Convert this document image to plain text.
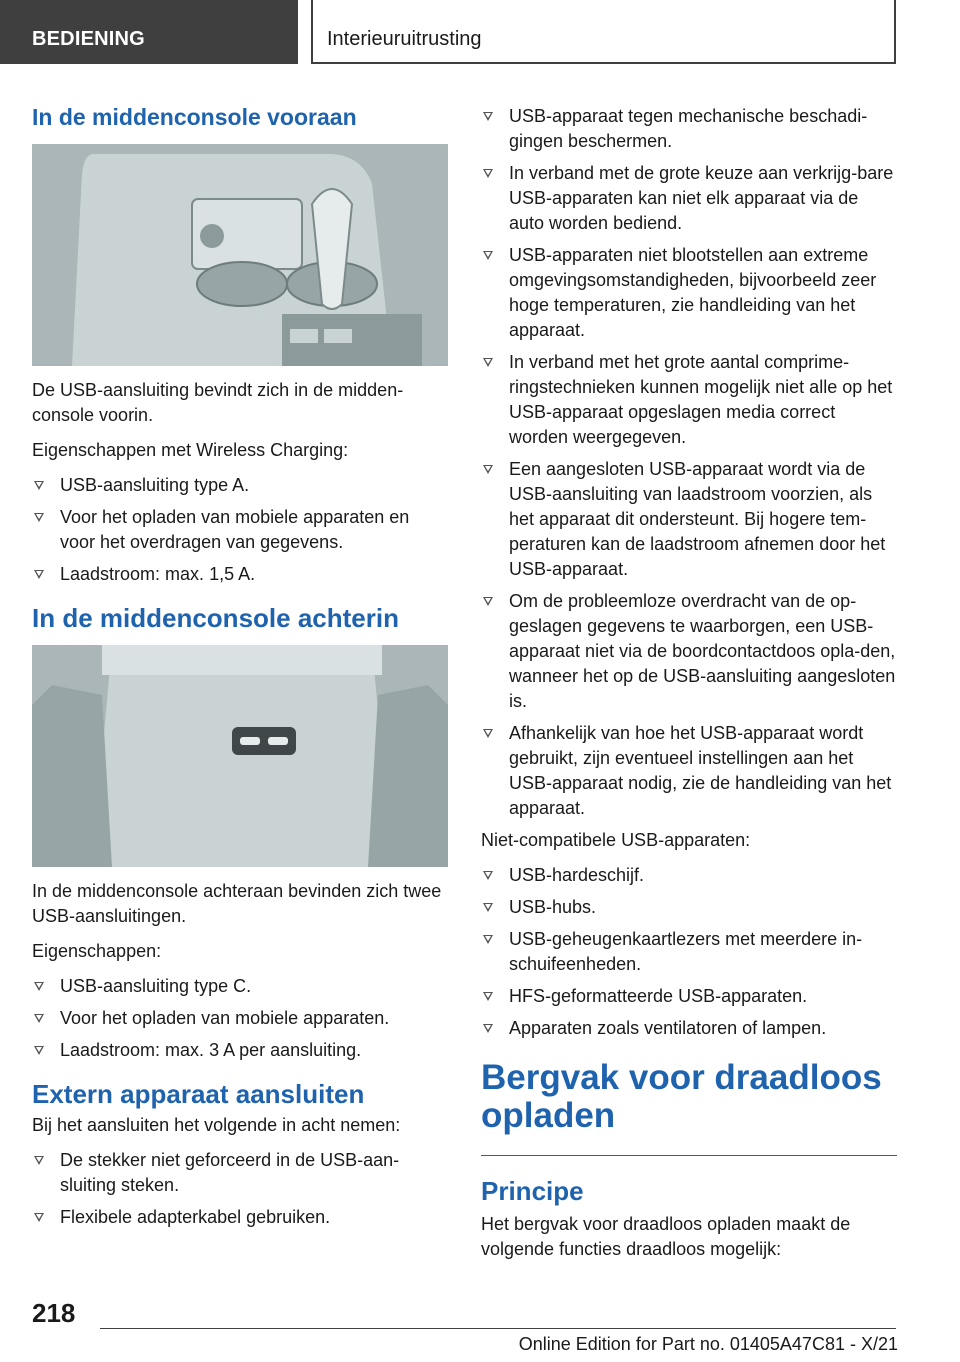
BEDIENING	Interieuruitrusting
In de middenconsole vooraan

De USB-aansluiting bevindt zich in de midden-console voorin.

Eigenschappen met Wireless Charging:

USB-aansluiting type A.
Voor het opladen van mobiele apparaten en voor het overdragen van gegevens.
Laadstroom: max. 1,5 A.
In de middenconsole achterin

In de middenconsole achteraan bevinden zich twee USB-aansluitingen.

Eigenschappen:

USB-aansluiting type C.
Voor het opladen van mobiele apparaten.
Laadstroom: max. 3 A per aansluiting.
Extern apparaat aansluiten

Bij het aansluiten het volgende in acht nemen:

De stekker niet geforceerd in de USB-aan-sluiting steken.
Flexibele adapterkabel gebruiken.
USB-apparaat tegen mechanische beschadi-gingen beschermen.
In verband met de grote keuze aan verkrijg-bare USB-apparaten kan niet elk apparaat via de auto worden bediend.
USB-apparaten niet blootstellen aan extreme omgevingsomstandigheden, bijvoorbeeld zeer hoge temperaturen, zie handleiding van het apparaat.
In verband met het grote aantal comprime-ringstechnieken kunnen mogelijk niet alle op het USB-apparaat opgeslagen media correct worden weergegeven.
Een aangesloten USB-apparaat wordt via de USB-aansluiting van laadstroom voorzien, als het apparaat dit ondersteunt. Bij hogere tem-peraturen kan de laadstroom afnemen door het USB-apparaat.
Om de probleemloze overdracht van de op-geslagen gegevens te waarborgen, een USB-apparaat niet via de boordcontactdoos opla-den, wanneer het op de USB-aansluiting aangesloten is.
Afhankelijk van hoe het USB-apparaat wordt gebruikt, zijn eventueel instellingen aan het USB-apparaat nodig, zie de handleiding van het apparaat.

Niet-compatibele USB-apparaten:

USB-hardeschijf.
USB-hubs.
USB-geheugenkaartlezers met meerdere in-schuifeenheden.
HFS-geformatteerde USB-apparaten.
Apparaten zoals ventilatoren of lampen.
Bergvak voor draadloos opladen
Principe

Het bergvak voor draadloos opladen maakt de volgende functies draadloos mogelijk:

218
Online Edition for Part no. 01405A47C81 - X/21
